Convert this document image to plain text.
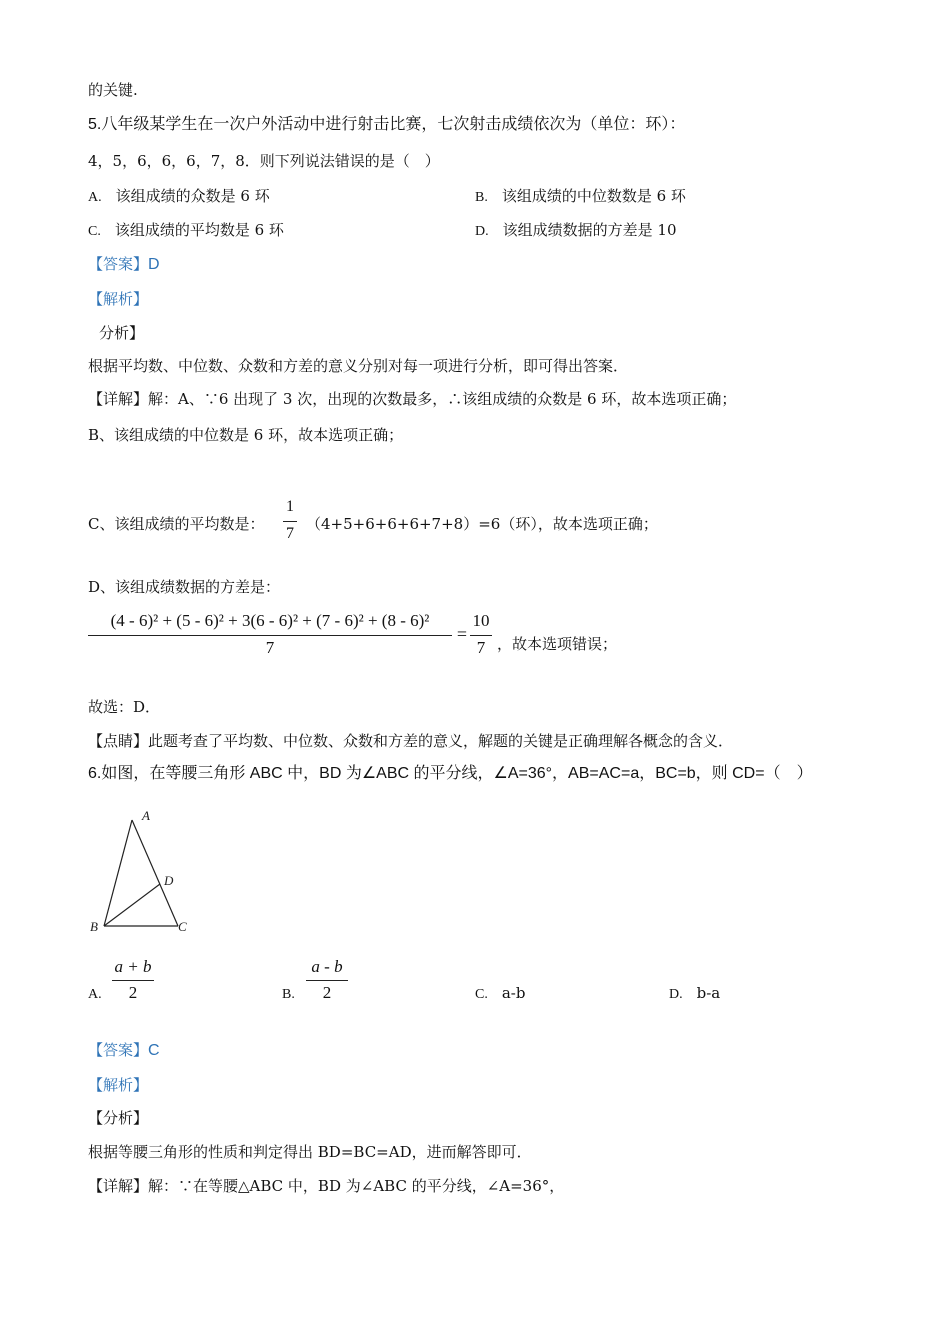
的关键.
5.八年级某学生在一次户外活动中进行射击比赛，七次射击成绩依次为（单位：环）：
4，5，6，6，6，7，8．则下列说法错误的是（　）
A. 该组成绩的众数是 6 环	B. 该组成绩的中位数数是 6 环
C. 该组成绩的平均数是 6 环	D. 该组成绩数据的方差是 10
【答案】D
【解析】
分析】
根据平均数、中位数、众数和方差的意义分别对每一项进行分析，即可得出答案．
【详解】解：A、∵6 出现了 3 次，出现的次数最多，∴该组成绩的众数是 6 环，故本选项正确；
B、该组成绩的中位数是 6 环，故本选项正确；
C、该组成绩的平均数是：
1
7
（4+5+6+6+6+7+8）=6（环），故本选项正确；
D、该组成绩数据的方差是：
(4 - 6)² + (5 - 6)² + 3(6 - 6)² + (7 - 6)² + (8 - 6)²
7
=
10
7 ，故本选项错误；
故选：D．
【点睛】此题考查了平均数、中位数、众数和方差的意义，解题的关键是正确理解各概念的含义．
6.如图，在等腰三角形 ABC 中，BD 为∠ABC 的平分线，∠A=36°，AB=AC=a，BC=b，则 CD=（　）
A
D
B	C
A.
a + b
2	B.
a - b
2	C. a-b	D. b-a
【答案】C
【解析】
【分析】
根据等腰三角形的性质和判定得出 BD=BC=AD，进而解答即可．
【详解】解：∵在等腰△ABC 中，BD 为∠ABC 的平分线，∠A=36°，
